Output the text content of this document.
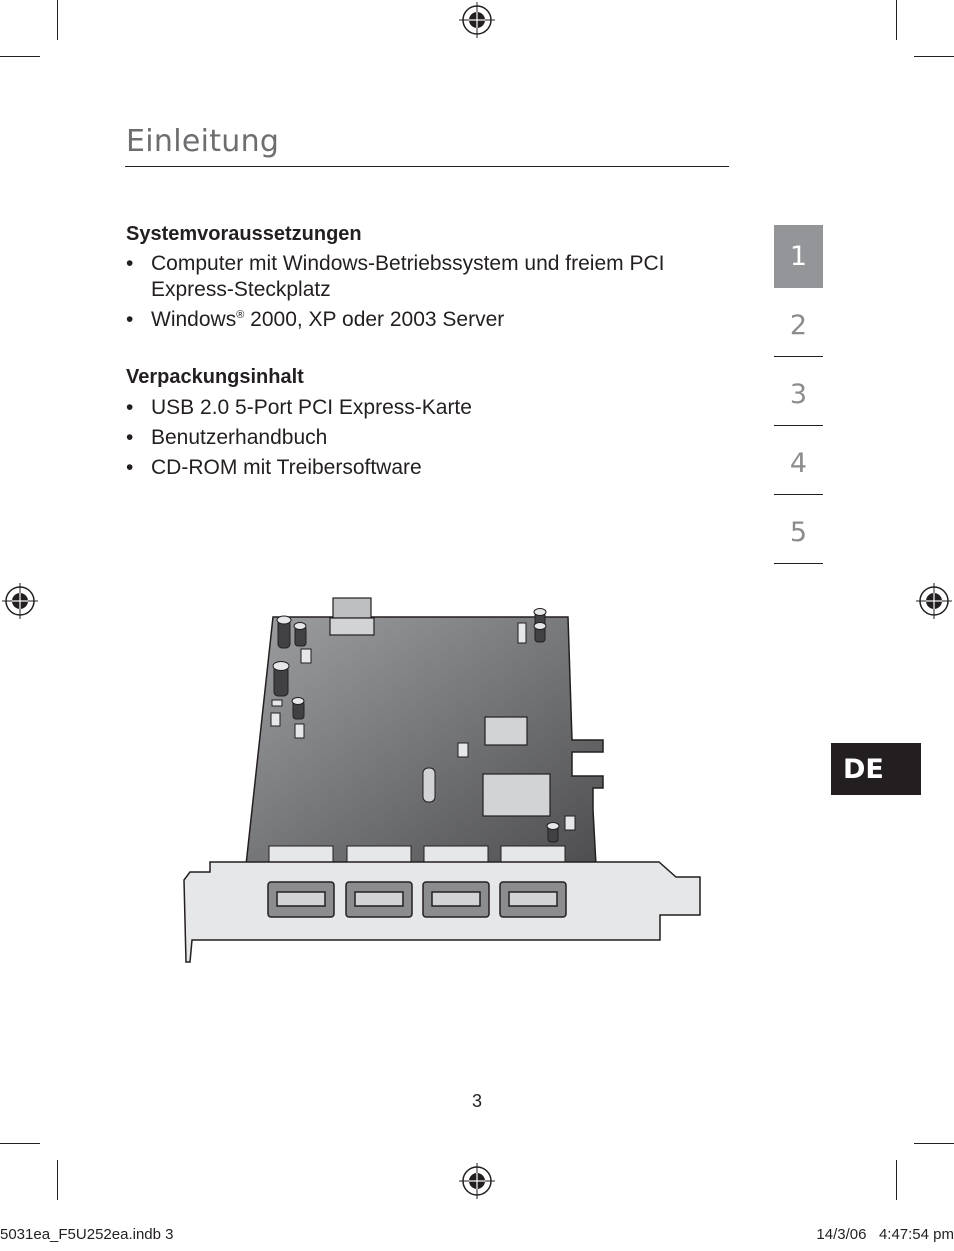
Einleitung
Systemvoraussetzungen
• Computer mit Windows-Betriebssystem und freiem PCI Express-Steckplatz
• Windows® 2000, XP oder 2003 Server
Verpackungsinhalt
• USB 2.0 5-Port PCI Express-Karte
• Benutzerhandbuch
• CD-ROM mit Treibersoftware
1
2
3
4
5
DE
3
5031ea_F5U252ea.indb 3	14/3/06   4:47:54 pm
